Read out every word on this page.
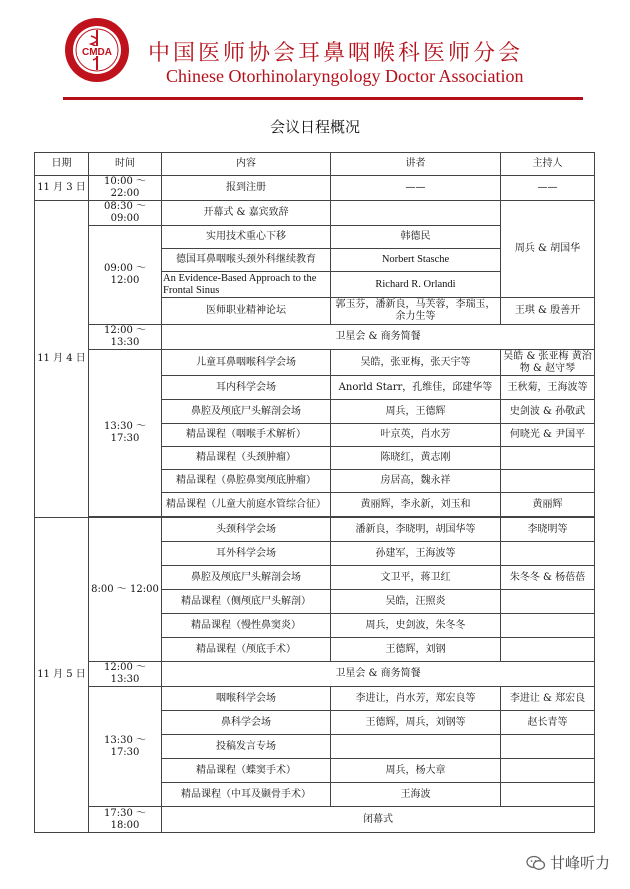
CMDA 中国医师协会耳鼻咽喉科医师分会
Chinese Otorhinolaryngology Doctor Association
会议日程概况
日期	时间	内容	讲者	主持人
11 月 3 日	10:00 ～ 22:00	报到注册	——	——
11 月 4 日	08:30 ～ 09:00	开幕式 & 嘉宾致辞		周兵 & 胡国华
	09:00 ～ 12:00	实用技术重心下移	韩德民	
		德国耳鼻咽喉头颈外科继续教育	Norbert Stasche	
		An Evidence-Based Approach to the Frontal Sinus	Richard R. Orlandi	
		医师职业精神论坛	郭玉芬，潘新良，马芙蓉，李瑞玉，余力生等	王琪 & 殷善开
	12:00 ～ 13:30	卫星会 & 商务简餐		
	13:30 ～ 17:30	儿童耳鼻咽喉科学会场	吴皓，张亚梅，张天宇等	吴皓 & 张亚梅 黄治物 & 赵守琴
		耳内科学会场	Anorld Starr，孔维佳，邱建华等	王秋菊，王海波等
		鼻腔及颅底尸头解剖会场	周兵，王德辉	史剑波 & 孙敬武
		精品课程（咽喉手术解析）	叶京英，肖水芳	何晓光 & 尹国平
		精品课程（头颈肿瘤）	陈晓红，黄志刚	
		精品课程（鼻腔鼻窦颅底肿瘤）	房居高，魏永祥	
		精品课程（儿童大前庭水管综合征）	黄丽辉，李永新，刘玉和	黄丽辉

11 月 5 日	8:00 ～ 12:00	头颈科学会场	潘新良，李晓明，胡国华等	李晓明等
		耳外科学会场	孙建军，王海波等	
		鼻腔及颅底尸头解剖会场	文卫平，蒋卫红	朱冬冬 & 杨蓓蓓
		精品课程（侧颅底尸头解剖）	吴皓，汪照炎	
		精品课程（慢性鼻窦炎）	周兵，史剑波，朱冬冬	
		精品课程（颅底手术）	王德辉，刘钢	
	12:00 ～ 13:30	卫星会 & 商务简餐		
	13:30 ～ 17:30	咽喉科学会场	李进让，肖水芳，郑宏良等	李进让 & 郑宏良
		鼻科学会场	王德辉，周兵，刘钢等	赵长青等
		投稿发言专场		
		精品课程（蝶窦手术）	周兵，杨大章	
		精品课程（中耳及颞骨手术）	王海波	
	17:30 ～ 18:00	闭幕式		
甘峰听力
